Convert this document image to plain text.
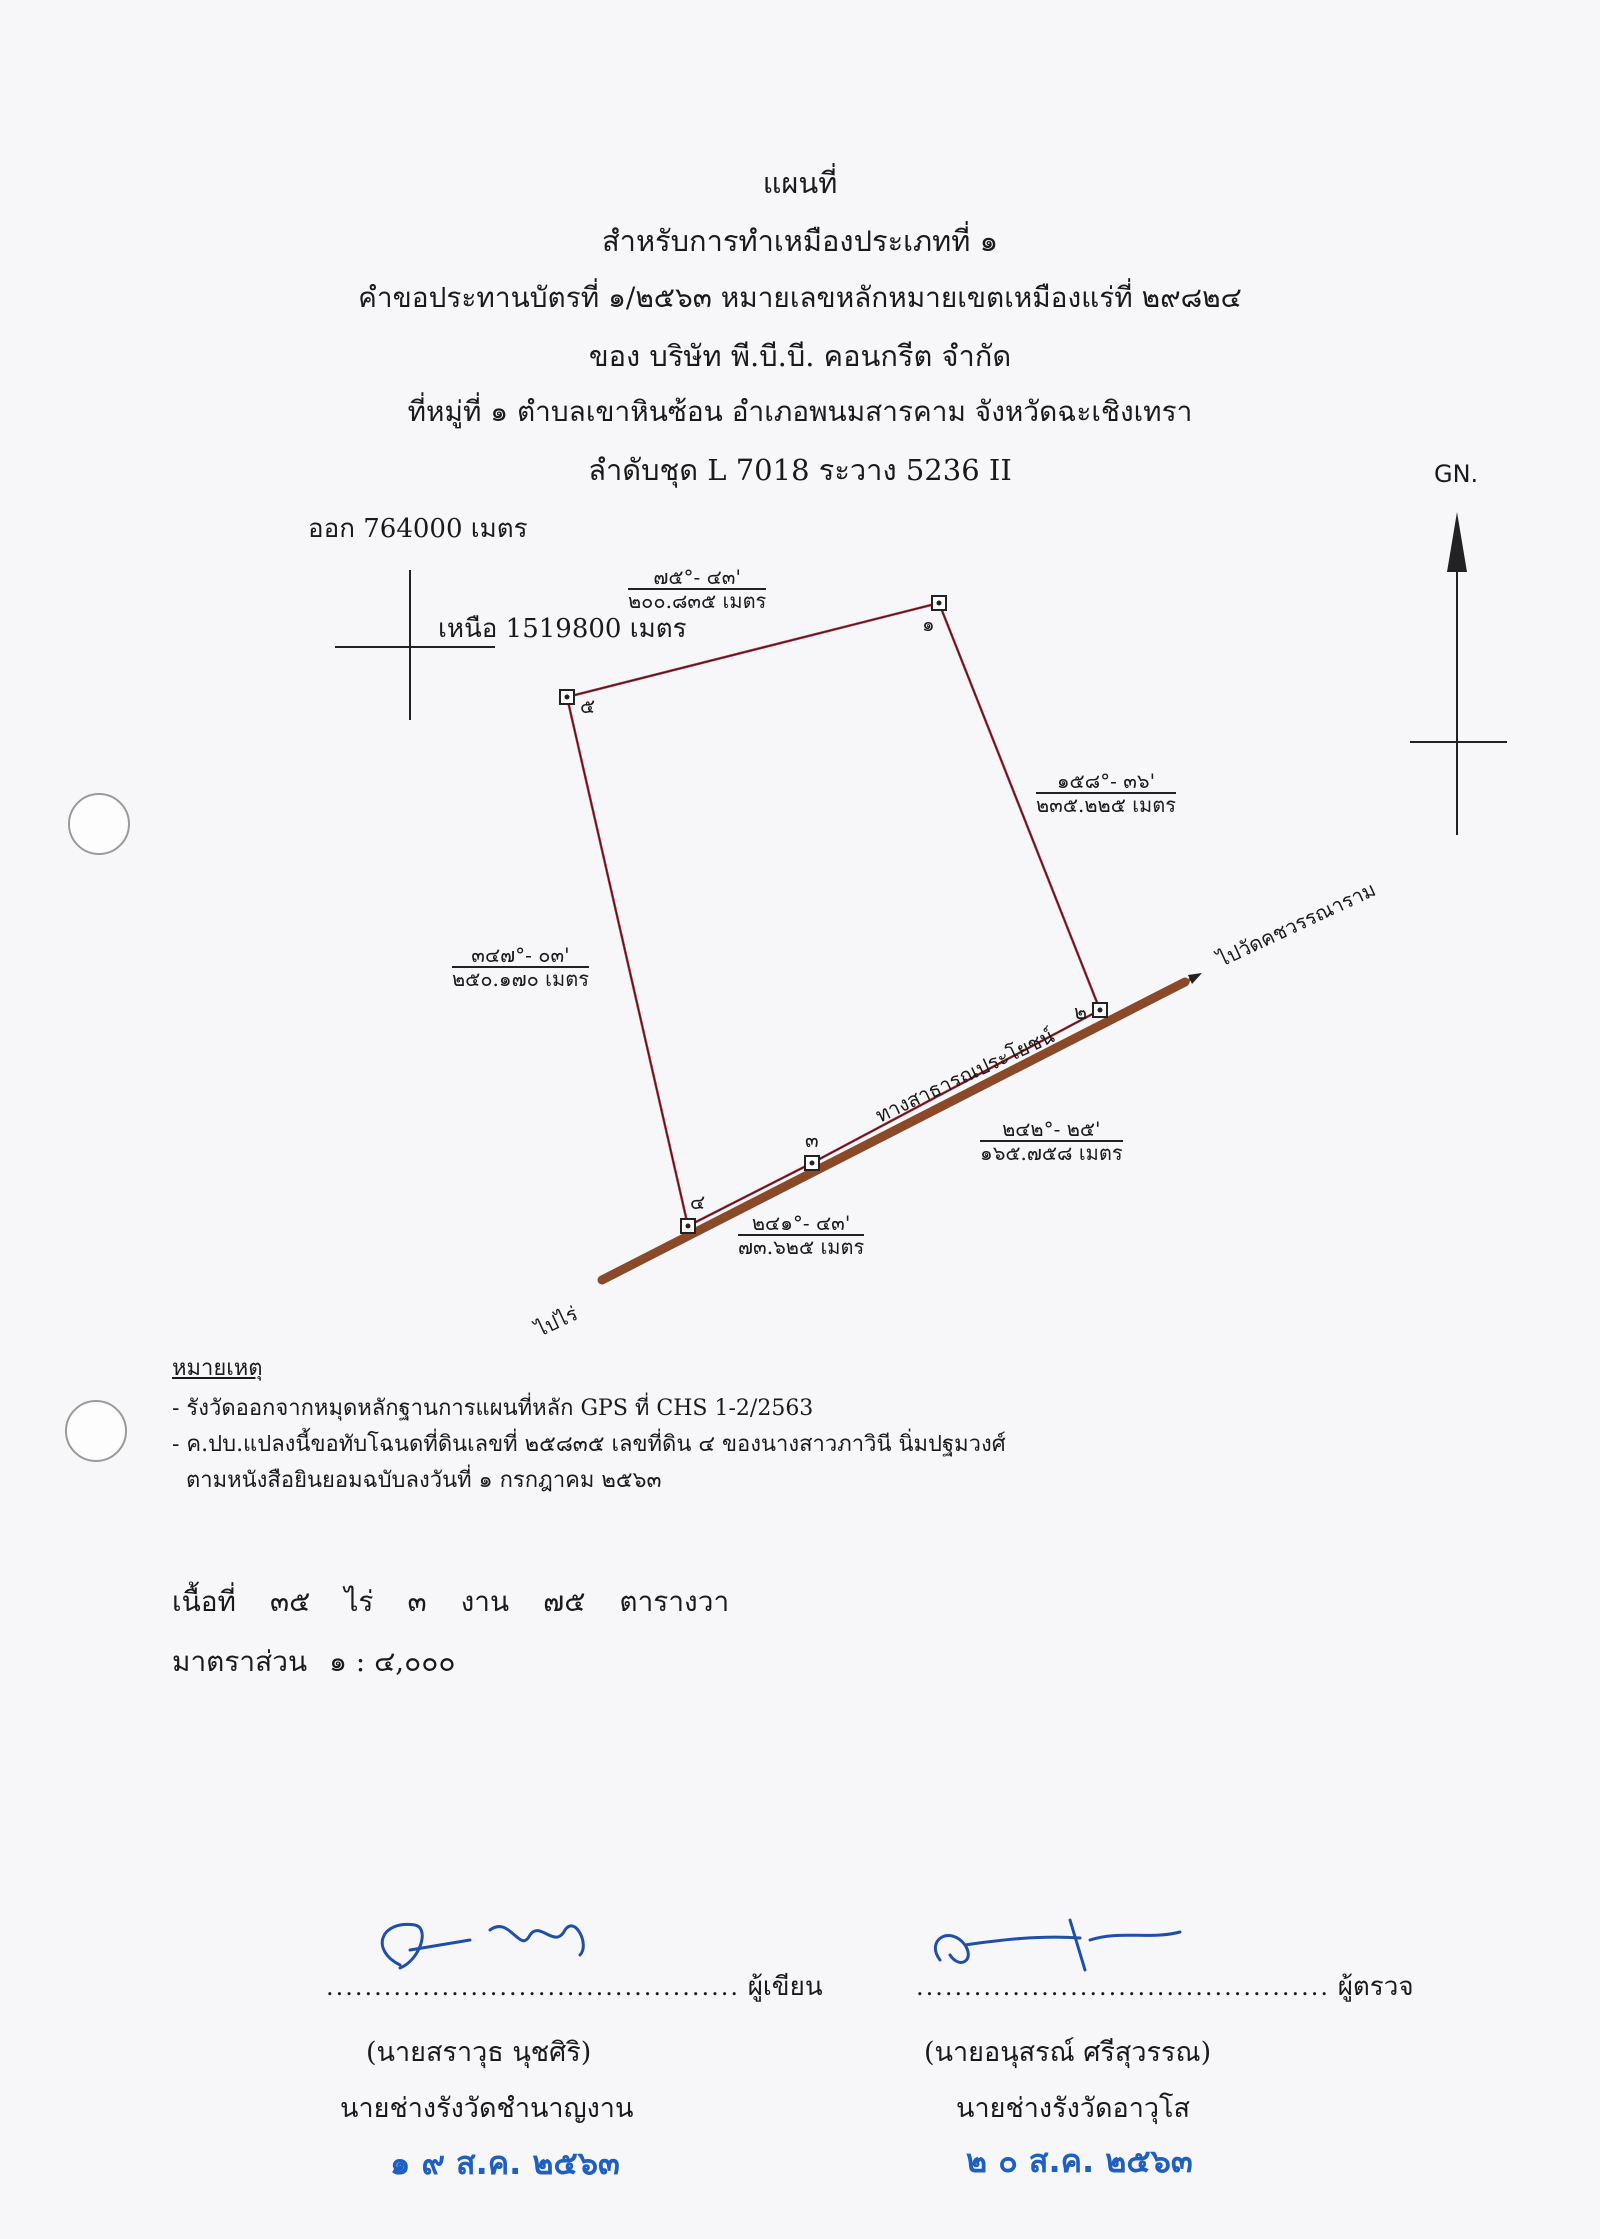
แผนที่
สำหรับการทำเหมืองประเภทที่ ๑
คำขอประทานบัตรที่ ๑/๒๕๖๓ หมายเลขหลักหมายเขตเหมืองแร่ที่ ๒๙๘๒๔
ของ บริษัท พี.บี.บี. คอนกรีต จำกัด
ที่หมู่ที่ ๑ ตำบลเขาหินซ้อน อำเภอพนมสารคาม จังหวัดฉะเชิงเทรา
ลำดับชุด L 7018 ระวาง 5236 II	GN.
ออก 764000 เมตร
เหนือ 1519800 เมตร	๑
๒
๓
๔
๕
๗๕°- ๔๓'
๒๐๐.๘๓๕ เมตร
๑๕๘°- ๓๖'
๒๓๕.๒๒๕ เมตร
๒๔๒°- ๒๕'
๑๖๕.๗๕๘ เมตร
๒๔๑°- ๔๓'
๗๓.๖๒๕ เมตร
๓๔๗°- ๐๓'
๒๕๐.๑๗๐ เมตร
ทางสาธารณประโยชน์
ไปวัดคชวรรณาราม
ไปไร่
หมายเหตุ
- รังวัดออกจากหมุดหลักฐานการแผนที่หลัก GPS ที่ CHS 1-2/2563
- ค.ปบ.แปลงนี้ขอทับโฉนดที่ดินเลขที่ ๒๕๘๓๕ เลขที่ดิน ๔ ของนางสาวภาวินี นิ่มปฐมวงศ์
ตามหนังสือยินยอมฉบับลงวันที่ ๑ กรกฎาคม ๒๕๖๓
เนื้อที่ ๓๕ ไร่ ๓ งาน ๗๕ ตารางวา
มาตราส่วน ๑ : ๔,๐๐๐
........................................... ผู้เขียน
(นายสราวุธ นุชศิริ)
นายช่างรังวัดชำนาญงาน
๑ ๙ ส.ค. ๒๕๖๓
........................................... ผู้ตรวจ
(นายอนุสรณ์ ศรีสุวรรณ)
นายช่างรังวัดอาวุโส
๒ ๐ ส.ค. ๒๕๖๓
